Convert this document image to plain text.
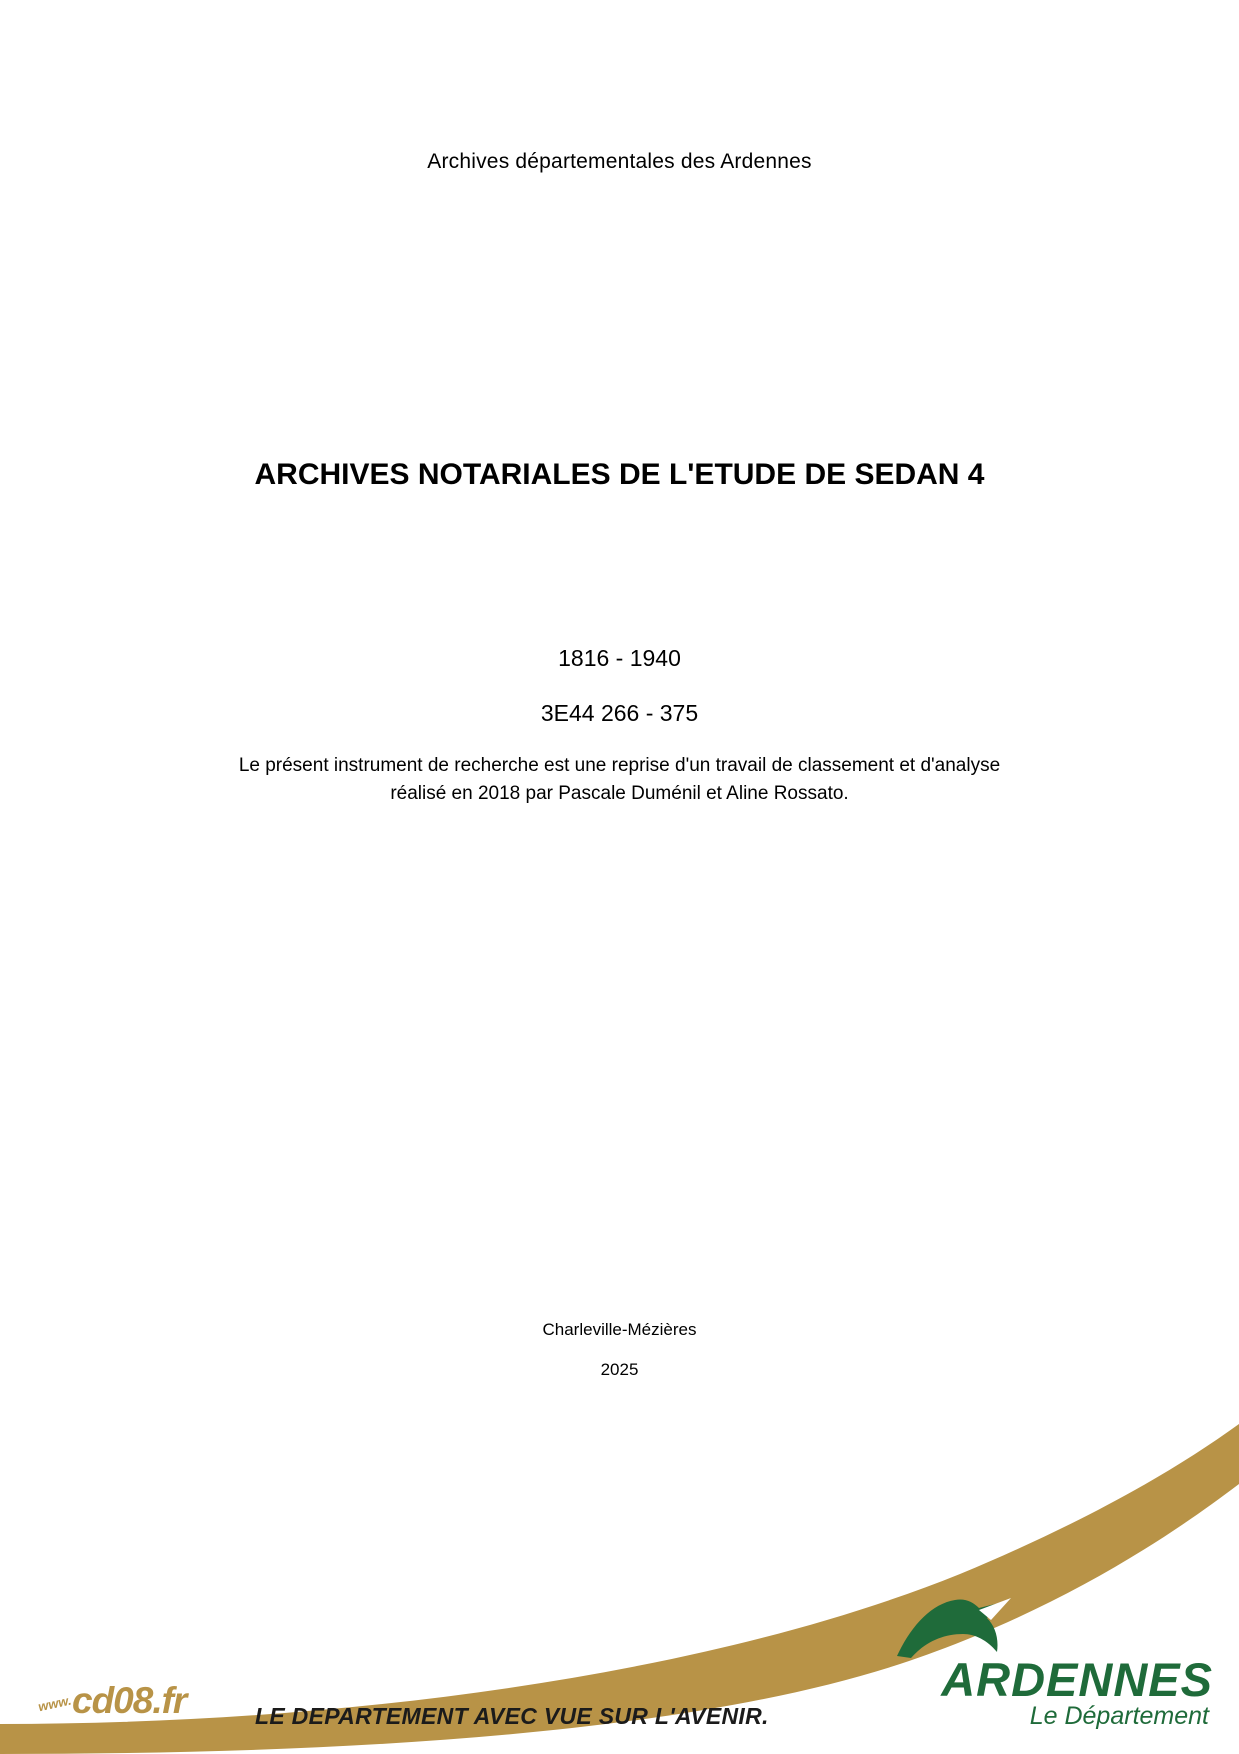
Archives départementales des Ardennes
ARCHIVES NOTARIALES DE L'ETUDE DE SEDAN 4
1816 - 1940
3E44 266 - 375
Le présent instrument de recherche est une reprise d'un travail de classement et d'analyse réalisé en 2018 par Pascale Duménil et Aline Rossato.
Charleville-Mézières
2025
www. cd08.fr	LE DEPARTEMENT AVEC VUE SUR L'AVENIR.
ARDENNES
Le Département
